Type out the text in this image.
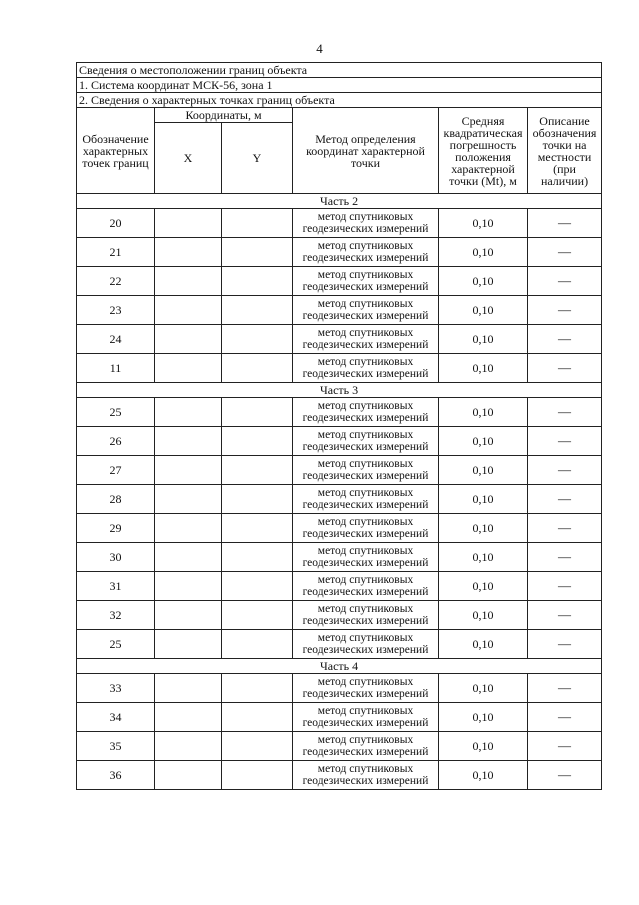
4
Сведения о местоположении границ объекта					
1. Система координат МСК-56, зона 1					
2. Сведения о характерных точках границ объекта					
Обозначение характерных точек границ	Координаты, м		Метод определения координат характерной точки	Средняя квадратическая погрешность положения характерной точки (Mt), м	Описание обозначения точки на местности (при наличии)
	X	Y			
Часть 2					
20			метод спутниковых геодезических измерений	0,10	—
21			метод спутниковых геодезических измерений	0,10	—
22			метод спутниковых геодезических измерений	0,10	—
23			метод спутниковых геодезических измерений	0,10	—
24			метод спутниковых геодезических измерений	0,10	—
11			метод спутниковых геодезических измерений	0,10	—
Часть 3					
25			метод спутниковых геодезических измерений	0,10	—
26			метод спутниковых геодезических измерений	0,10	—
27			метод спутниковых геодезических измерений	0,10	—
28			метод спутниковых геодезических измерений	0,10	—
29			метод спутниковых геодезических измерений	0,10	—
30			метод спутниковых геодезических измерений	0,10	—
31			метод спутниковых геодезических измерений	0,10	—
32			метод спутниковых геодезических измерений	0,10	—
25			метод спутниковых геодезических измерений	0,10	—
Часть 4					
33			метод спутниковых геодезических измерений	0,10	—
34			метод спутниковых геодезических измерений	0,10	—
35			метод спутниковых геодезических измерений	0,10	—
36			метод спутниковых геодезических измерений	0,10	—
